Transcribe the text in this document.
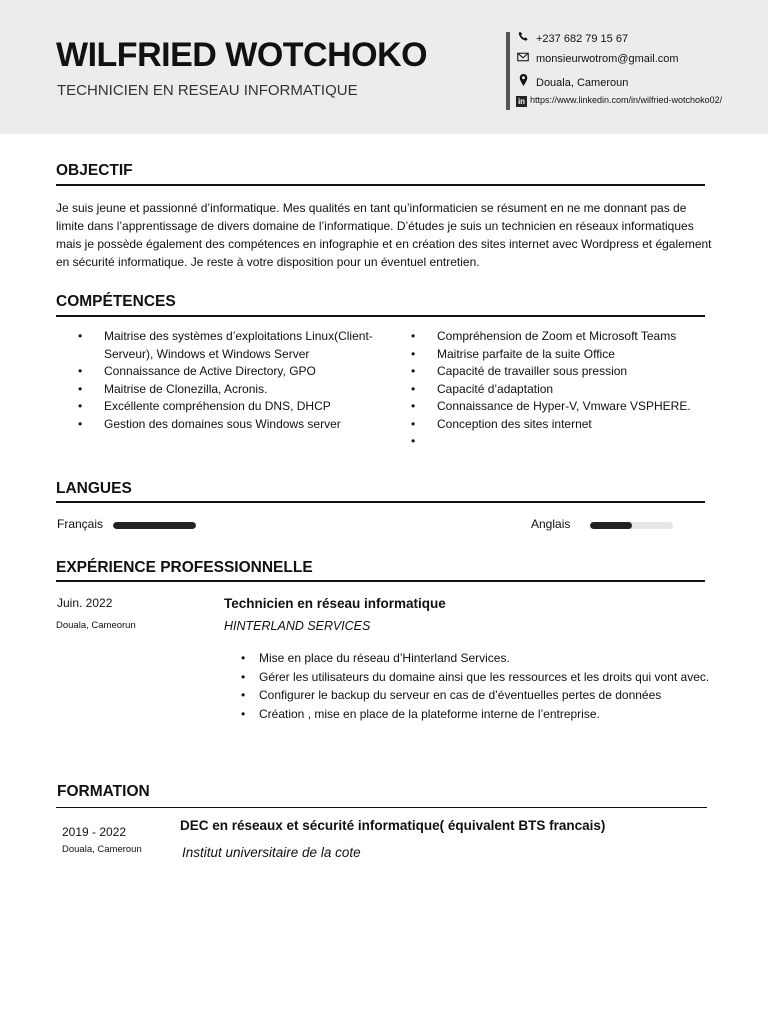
WILFRIED WOTCHOKO
TECHNICIEN EN RESEAU INFORMATIQUE
+237 682 79 15 67
monsieurwotrom@gmail.com
Douala, Cameroun
in https://www.linkedin.com/in/wilfried-wotchoko02/
OBJECTIF
Je suis jeune et passionné d’informatique. Mes qualités en tant qu’informaticien se résument en ne me donnant pas de limite dans l’apprentissage de divers domaine de l’informatique. D’études je suis un technicien en réseaux informatiques mais je possède également des compétences en infographie et en création des sites internet avec Wordpress et également en sécurité informatique. Je reste à votre disposition pour un éventuel entretien.
COMPÉTENCES
• Maitrise des systèmes d’exploitations Linux(Client-Serveur), Windows et Windows Server
• Connaissance de Active Directory, GPO
• Maitrise de Clonezilla, Acronis.
• Excéllente compréhension du DNS, DHCP
• Gestion des domaines sous Windows server
• Compréhension de Zoom et Microsoft Teams
• Maitrise parfaite de la suite Office
• Capacité de travailler sous pression
• Capacité d’adaptation
• Connaissance de Hyper-V, Vmware VSPHERE.
• Conception des sites internet
•

LANGUES
Français	Anglais
EXPÉRIENCE PROFESSIONNELLE
Juin. 2022
Douala, Cameorun
Technicien en réseau informatique
HINTERLAND SERVICES
• Mise en place du réseau d’Hinterland Services.
• Gérer les utilisateurs du domaine ainsi que les ressources et les droits qui vont avec.
• Configurer le backup du serveur en cas de d’éventuelles pertes de données
• Création , mise en place de la plateforme interne de l’entreprise.
FORMATION
2019 - 2022
Douala, Cameroun
DEC en réseaux et sécurité informatique( équivalent BTS francais)
Institut universitaire de la cote
